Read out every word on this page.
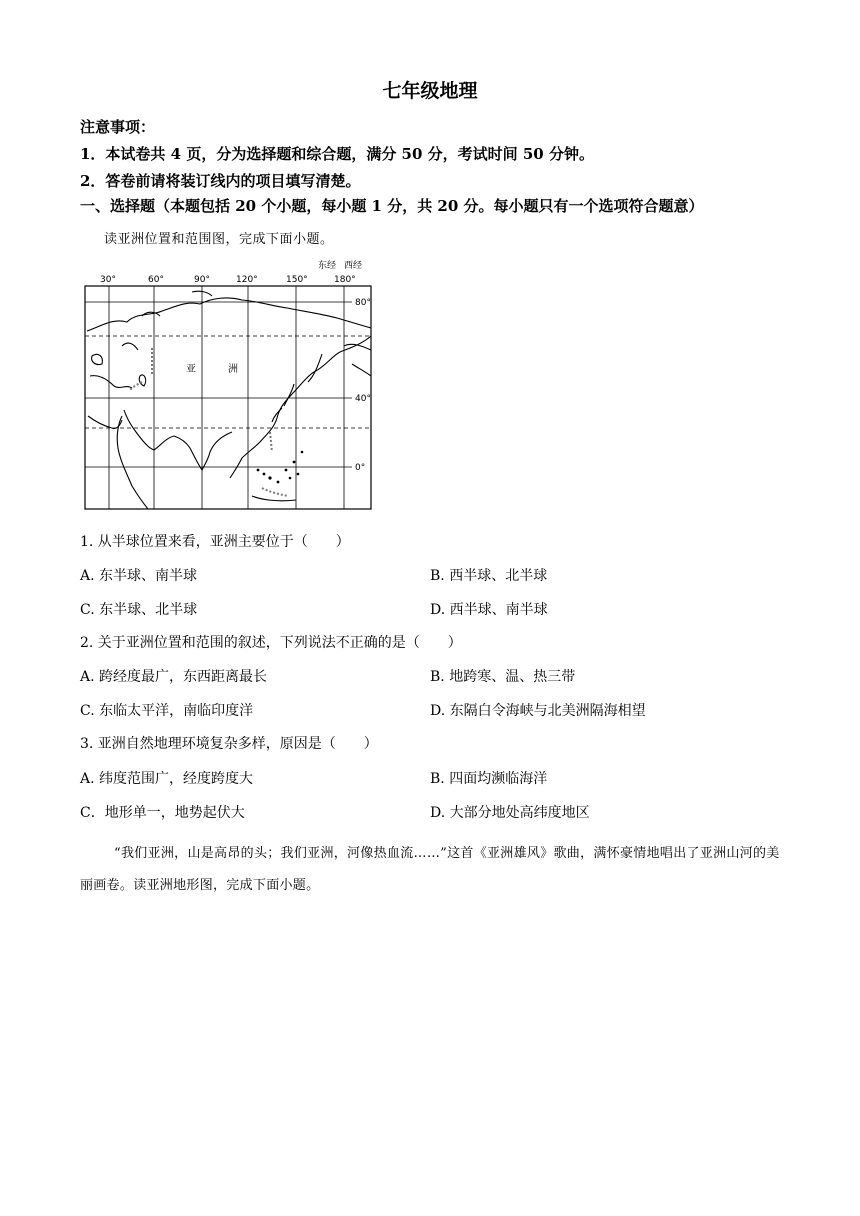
七年级地理
注意事项：
1．本试卷共 4 页，分为选择题和综合题，满分 50 分，考试时间 50 分钟。
2．答卷前请将装订线内的项目填写清楚。
一、选择题（本题包括 20 个小题，每小题 1 分，共 20 分。每小题只有一个选项符合题意）
读亚洲位置和范围图，完成下面小题。
东经 西经
30°	60°	90°	120°	150°	180°
80°
40°
0°
亚	洲
1. 从半球位置来看，亚洲主要位于（　　）
A. 东半球、南半球	B. 西半球、北半球
C. 东半球、北半球	D. 西半球、南半球
2. 关于亚洲位置和范围的叙述，下列说法不正确的是（　　）
A. 跨经度最广，东西距离最长	B. 地跨寒、温、热三带
C. 东临太平洋，南临印度洋	D. 东隔白令海峡与北美洲隔海相望
3. 亚洲自然地理环境复杂多样，原因是（　　）
A. 纬度范围广，经度跨度大	B. 四面均濒临海洋
C．地形单一，地势起伏大	D. 大部分地处高纬度地区
“我们亚洲，山是高昂的头；我们亚洲，河像热血流……”这首《亚洲雄风》歌曲，满怀豪情地唱出了亚洲山河的美丽画卷。读亚洲地形图，完成下面小题。
